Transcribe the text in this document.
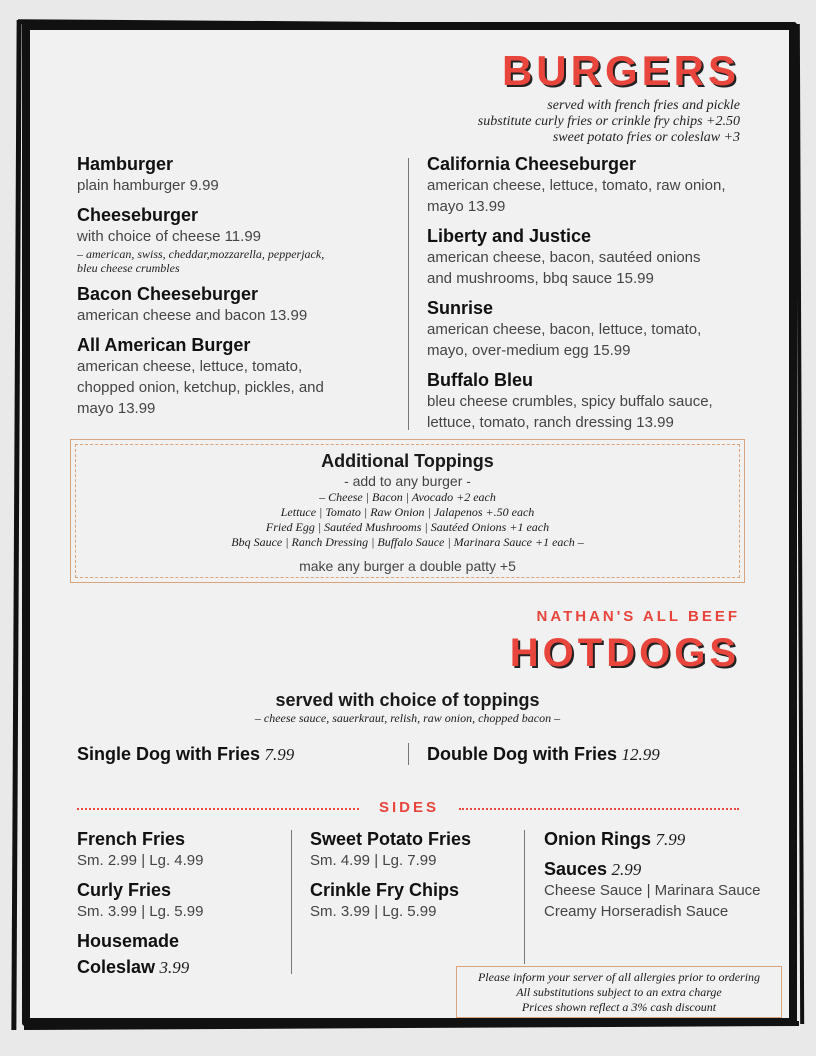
BURGERS
served with french fries and pickle
substitute curly fries or crinkle fry chips +2.50
sweet potato fries or coleslaw +3
Hamburger
plain hamburger 9.99
Cheeseburger
with choice of cheese 11.99
– american, swiss, cheddar,mozzarella, pepperjack, bleu cheese crumbles
Bacon Cheeseburger
american cheese and bacon 13.99
All American Burger
american cheese, lettuce, tomato, chopped onion, ketchup, pickles, and mayo 13.99
California Cheeseburger
american cheese, lettuce, tomato, raw onion, mayo 13.99
Liberty and Justice
american cheese, bacon, sautéed onions and mushrooms, bbq sauce 15.99
Sunrise
american cheese, bacon, lettuce, tomato, mayo, over-medium egg 15.99
Buffalo Bleu
bleu cheese crumbles, spicy buffalo sauce, lettuce, tomato, ranch dressing 13.99
Additional Toppings
- add to any burger -
– Cheese | Bacon | Avocado +2 each
Lettuce | Tomato | Raw Onion | Jalapenos +.50 each
Fried Egg | Sautéed Mushrooms | Sautéed Onions +1 each
Bbq Sauce | Ranch Dressing | Buffalo Sauce | Marinara Sauce +1 each –
make any burger a double patty +5
NATHAN'S ALL BEEF
HOTDOGS
served with choice of toppings
– cheese sauce, sauerkraut, relish, raw onion, chopped bacon –
Single Dog with Fries 7.99	Double Dog with Fries 12.99
SIDES
French Fries
Sm. 2.99 | Lg. 4.99
Curly Fries
Sm. 3.99 | Lg. 5.99
Housemade
Coleslaw 3.99
Sweet Potato Fries
Sm. 4.99 | Lg. 7.99
Crinkle Fry Chips
Sm. 3.99 | Lg. 5.99
Onion Rings 7.99
Sauces 2.99
Cheese Sauce | Marinara Sauce
Creamy Horseradish Sauce
Please inform your server of all allergies prior to ordering
All substitutions subject to an extra charge
Prices shown reflect a 3% cash discount
